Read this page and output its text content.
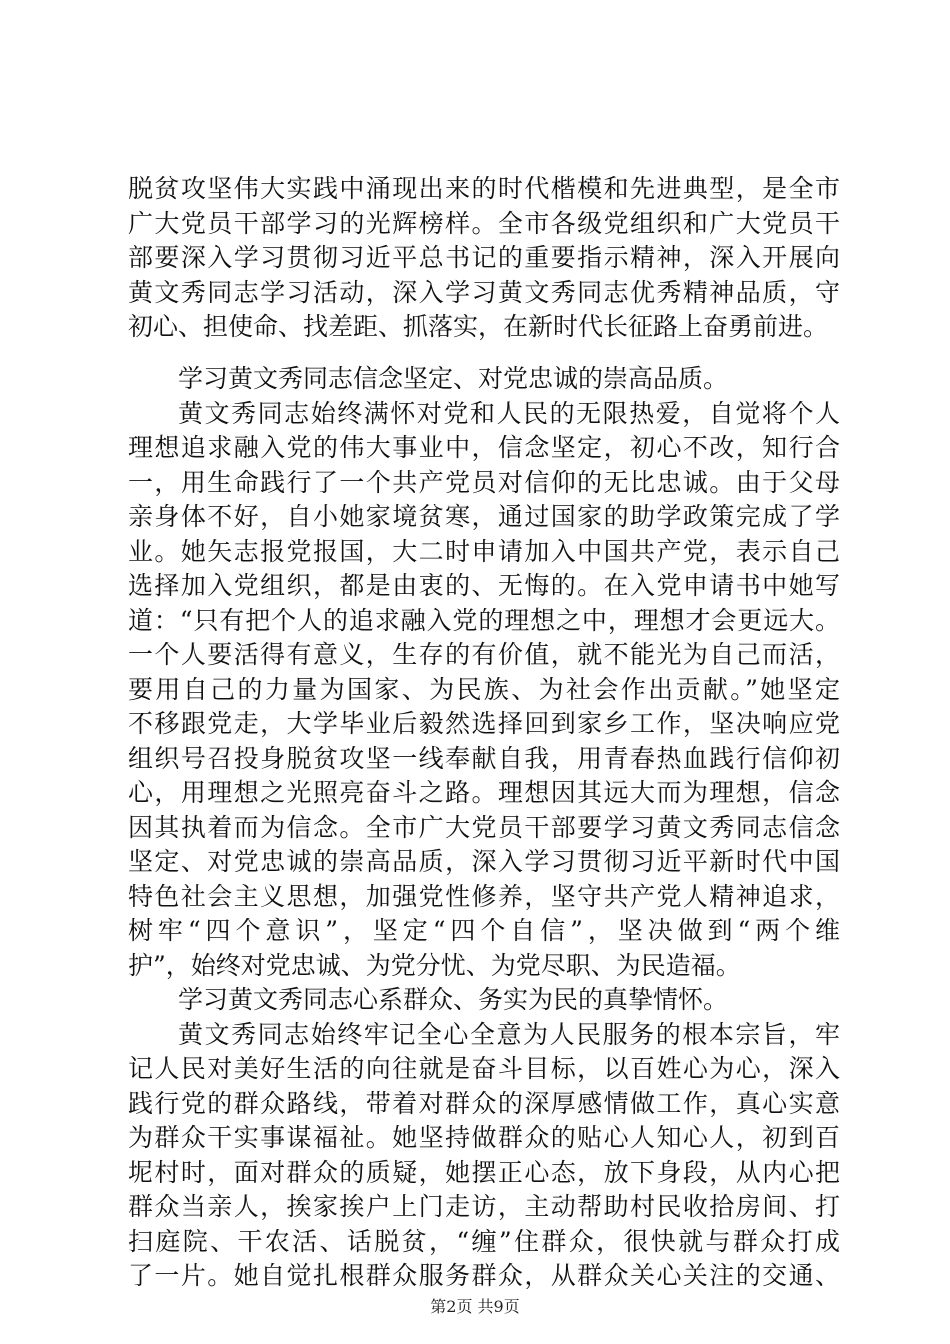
脱贫攻坚伟大实践中涌现出来的时代楷模和先进典型，是全市
广大党员干部学习的光辉榜样。全市各级党组织和广大党员干
部要深入学习贯彻习近平总书记的重要指示精神，深入开展向
黄文秀同志学习活动，深入学习黄文秀同志优秀精神品质，守
初心、担使命、找差距、抓落实，在新时代长征路上奋勇前进。
学习黄文秀同志信念坚定、对党忠诚的崇高品质。
黄文秀同志始终满怀对党和人民的无限热爱，自觉将个人
理想追求融入党的伟大事业中，信念坚定，初心不改，知行合
一，用生命践行了一个共产党员对信仰的无比忠诚。由于父母
亲身体不好，自小她家境贫寒，通过国家的助学政策完成了学
业。她矢志报党报国，大二时申请加入中国共产党，表示自己
选择加入党组织，都是由衷的、无悔的。在入党申请书中她写
道：“只有把个人的追求融入党的理想之中，理想才会更远大。
一个人要活得有意义，生存的有价值，就不能光为自己而活，
要用自己的力量为国家、为民族、为社会作出贡献。”她坚定
不移跟党走，大学毕业后毅然选择回到家乡工作，坚决响应党
组织号召投身脱贫攻坚一线奉献自我，用青春热血践行信仰初
心，用理想之光照亮奋斗之路。理想因其远大而为理想，信念
因其执着而为信念。全市广大党员干部要学习黄文秀同志信念
坚定、对党忠诚的崇高品质，深入学习贯彻习近平新时代中国
特色社会主义思想，加强党性修养，坚守共产党人精神追求，
树牢“四个意识”，坚定“四个自信”，坚决做到“两个维
护”，始终对党忠诚、为党分忧、为党尽职、为民造福。
学习黄文秀同志心系群众、务实为民的真挚情怀。
黄文秀同志始终牢记全心全意为人民服务的根本宗旨，牢
记人民对美好生活的向往就是奋斗目标，以百姓心为心，深入
践行党的群众路线，带着对群众的深厚感情做工作，真心实意
为群众干实事谋福祉。她坚持做群众的贴心人知心人，初到百
坭村时，面对群众的质疑，她摆正心态，放下身段，从内心把
群众当亲人，挨家挨户上门走访，主动帮助村民收拾房间、打
扫庭院、干农活、话脱贫，“缠”住群众，很快就与群众打成
了一片。她自觉扎根群众服务群众，从群众关心关注的交通、
第2页 共9页
